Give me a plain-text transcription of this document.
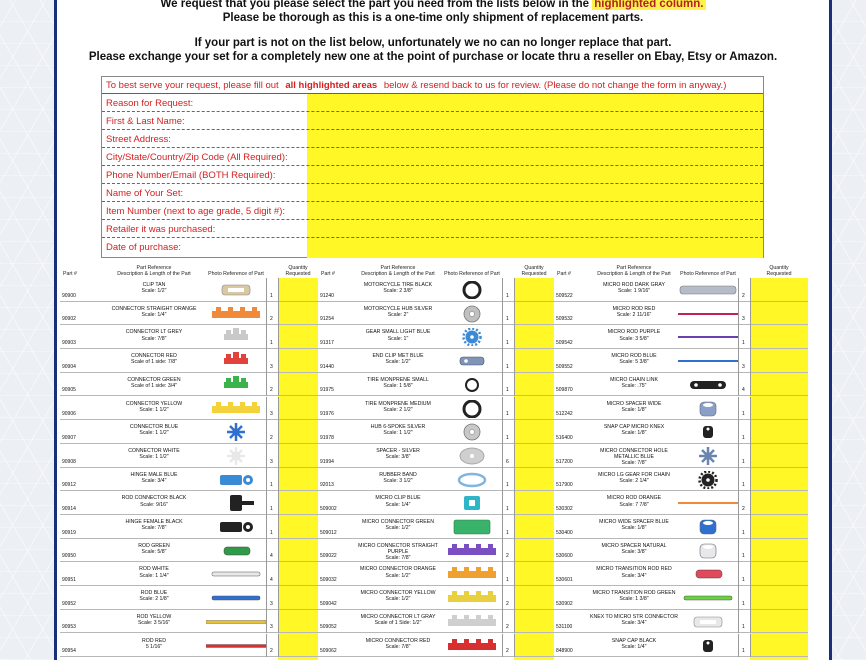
We request that you please select the part you need from the lists below in the highlighted column.
Please be thorough as this is a one-time only shipment of replacement parts.
If your part is not on the list below, unfortunately we no can no longer replace that part.
Please exchange your set for a completely new one at the point of purchase or locate thru a reseller on Ebay, Etsy or Amazon.
To best serve your request, please fill out all highlighted areas below & resend back to us for review. (Please do not change the form in anyway.)
Reason for Request:
First & Last Name:
Street Address:
City/State/Country/Zip Code (All Required):
Phone Number/Email (BOTH Required):
Name of Your Set:
Item Number (next to age grade, 5 digit #):
Retailer it was purchased:
Date of purchase:
Part #
Part Reference
Description & Length of the Part	Photo Reference of Part
Quantity
Requested
90900
CLIP TAN
Scale: 1/2"
1
90902
CONNECTOR STRAIGHT ORANGE
Scale: 1/4"
2
90903
CONNECTOR LT GREY
Scale: 7/8"
1
90904
CONNECTOR RED
Scale of 1 side: 7/8"
3
90905
CONNECTOR GREEN
Scale of 1 side: 3/4"
2
90906
CONNECTOR YELLOW
Scale: 1 1/2"
3
90907
CONNECTOR BLUE
Scale: 1 1/2"
2
90908
CONNECTOR WHITE
Scale: 1 1/2"
3
90912
HINGE MALE BLUE
Scale: 3/4"
1
90914
ROD CONNECTOR BLACK
Scale: 9/16"
1
90919
HINGE FEMALE BLACK
Scale: 7/8"
1
90950
ROD GREEN
Scale: 5/8"
4
90951
ROD WHITE
Scale: 1 1/4"
4
90952
ROD BLUE
Scale: 2 1/8"
3
90953
ROD YELLOW
Scale: 3 5/16"
3
90954
ROD RED
5 1/16"
2
Part #
Part Reference
Description & Length of the Part	Photo Reference of Part
Quantity
Requested
91240
MOTORCYCLE TIRE BLACK
Scale: 2 3/8"
1
91254
MOTORCYCLE HUB SILVER
Scale: 2"
1
91317
GEAR SMALL LIGHT BLUE
Scale: 1"
1
91440
END CLIP MET BLUE
Scale: 1/2"
1
91975
TIRE MONPRENE SMALL
Scale: 1 5/8"
1
91976
TIRE MONPRENE MEDIUM
Scale: 2 1/2"
1
91978
HUB 6-SPOKE SILVER
Scale: 1 1/2"
1
91994
SPACER - SILVER
Scale: 3/8"
6
92013
RUBBER BAND
Scale: 3 1/2"
1
509002
MICRO CLIP BLUE
Scale: 1/4"
1
509012
MICRO CONNECTOR GREEN
Scale: 1/2"
1
509022
MICRO CONNECTOR STRAIGHT PURPLE
Scale: 7/8"	2
509032
MICRO CONNECTOR ORANGE
Scale: 1/2"
1
509042
MICRO CONNECTOR YELLOW
Scale: 1/2"
2
509052
MICRO CONNECTOR LT GRAY
Scale of 1 Side: 1/2"
2
509062
MICRO CONNECTOR RED
Scale: 7/8"
2
Part #
Part Reference
Description & Length of the Part	Photo Reference of Part
Quantity
Requested
509522
MICRO ROD DARK GRAY
Scale: 1 9/16"
2
509532
MICRO ROD RED
Scale: 2 11/16"
3
509542
MICRO ROD PURPLE
Scale: 3 5/8"
1
509552
MICRO ROD BLUE
Scale: 5 3/8"
3
509870
MICRO CHAIN LINK
Scale: .75"
4
512242
MICRO SPACER WIDE
Scale: 1/8"
1
516400
SNAP CAP MICRO KNEX
Scale: 1/8"
1
517200
MICRO CONNECTOR HOLE METALLIC BLUE
Scale: 7/8"	1
517900
MICRO LG GEAR FOR CHAIN
Scale: 2 1/4"
1
530302
MICRO ROD ORANGE
Scale: 7 7/8"
2
530400
MICRO WIDE SPACER BLUE
Scale: 1/8"
1
530600
MICRO SPACER NATURAL
Scale: 3/8"
1
530601
MICRO TRANSITION ROD RED
Scale: 3/4"
1
530902
MICRO TRANSITION ROD GREEN
Scale: 1 3/8"
1
531100
KNEX TO MICRO STR CONNECTOR
Scale: 3/4"
1
848900
SNAP CAP BLACK
Scale: 1/4"
1
